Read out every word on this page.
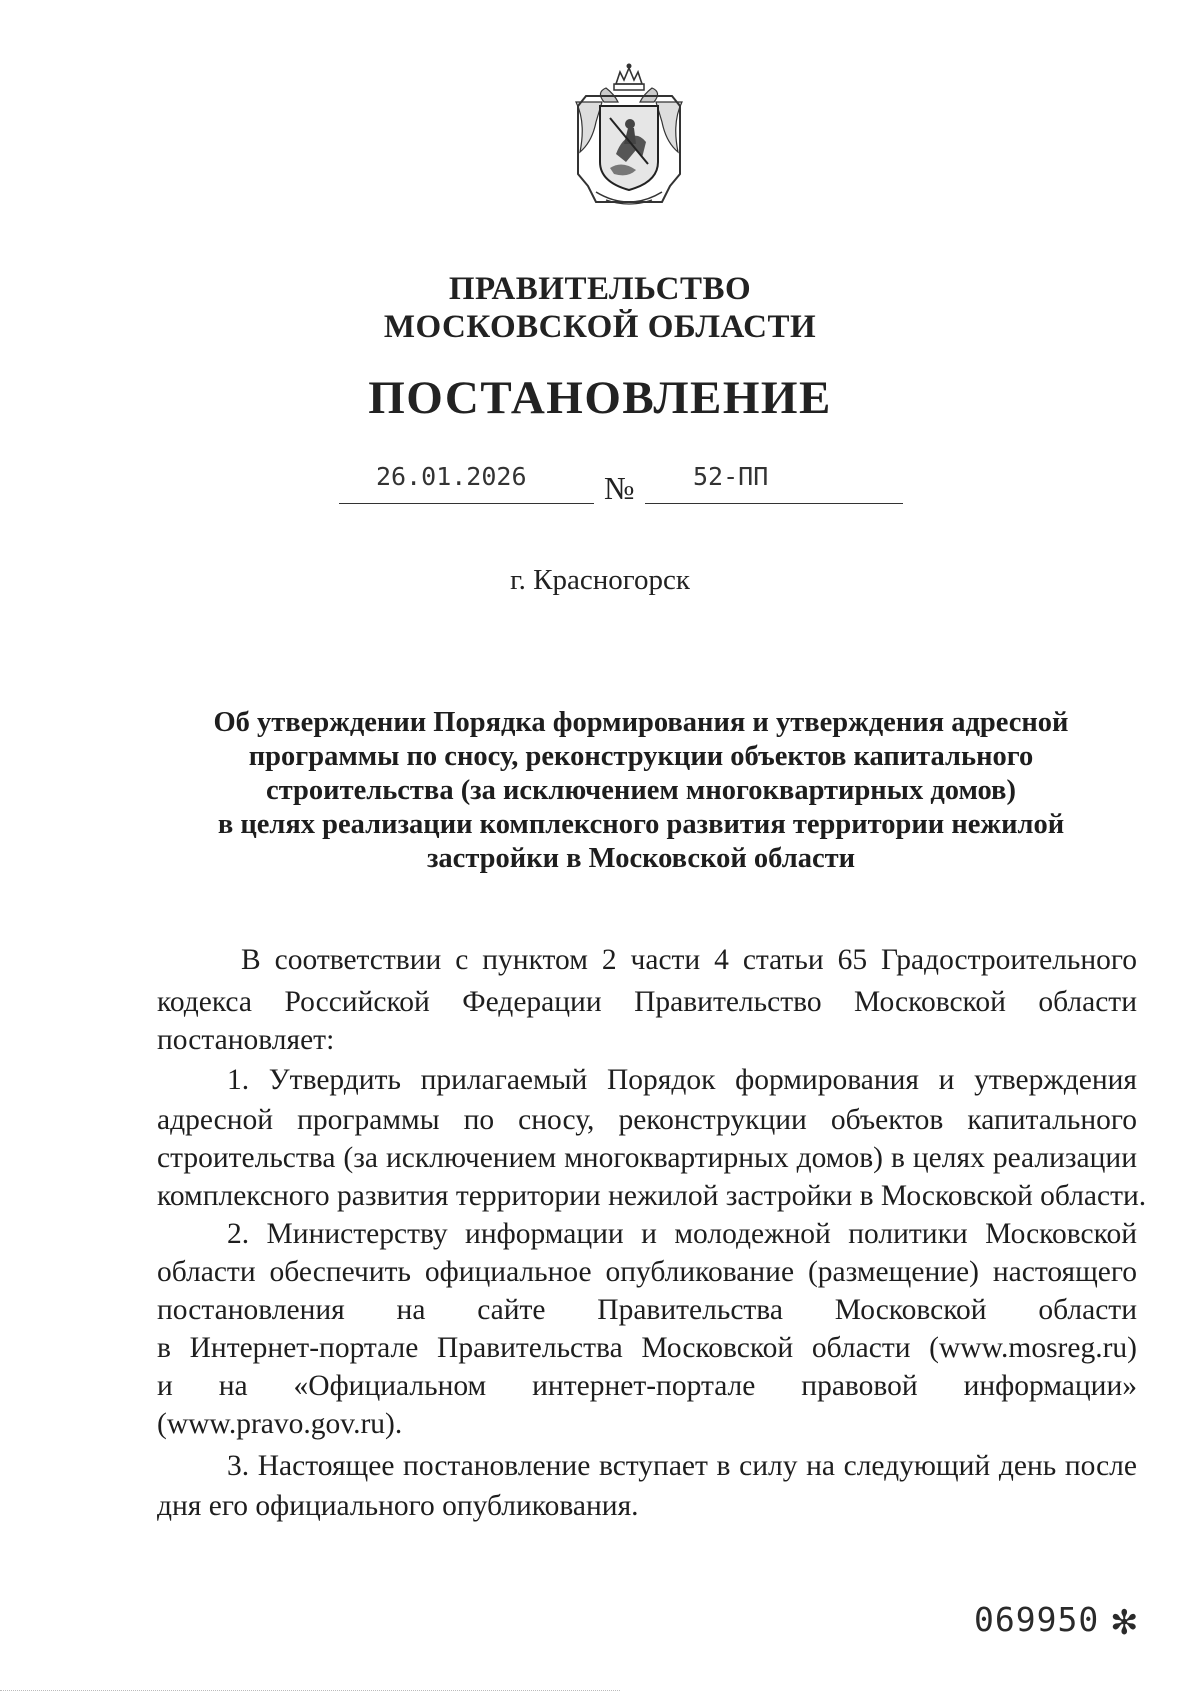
ПРАВИТЕЛЬСТВО
МОСКОВСКОЙ ОБЛАСТИ
ПОСТАНОВЛЕНИЕ
26.01.2026 № 52-ПП
г. Красногорск
Об утверждении Порядка формирования и утверждения адресной
программы по сносу, реконструкции объектов капитального
строительства (за исключением многоквартирных домов)
в целях реализации комплексного развития территории нежилой
застройки в Московской области
В соответствии с пунктом 2 части 4 статьи 65 Градостроительного
кодекса Российской Федерации Правительство Московской области
постановляет:
1. Утвердить прилагаемый Порядок формирования и утверждения
адресной программы по сносу, реконструкции объектов капитального
строительства (за исключением многоквартирных домов) в целях реализации
комплексного развития территории нежилой застройки в Московской области.
2. Министерству информации и молодежной политики Московской
области обеспечить официальное опубликование (размещение) настоящего
постановления на сайте Правительства Московской области
в Интернет-портале Правительства Московской области (www.mosreg.ru)
и на «Официальном интернет-портале правовой информации»
(www.pravo.gov.ru).
3. Настоящее постановление вступает в силу на следующий день после
дня его официального опубликования.
069950 ✻
